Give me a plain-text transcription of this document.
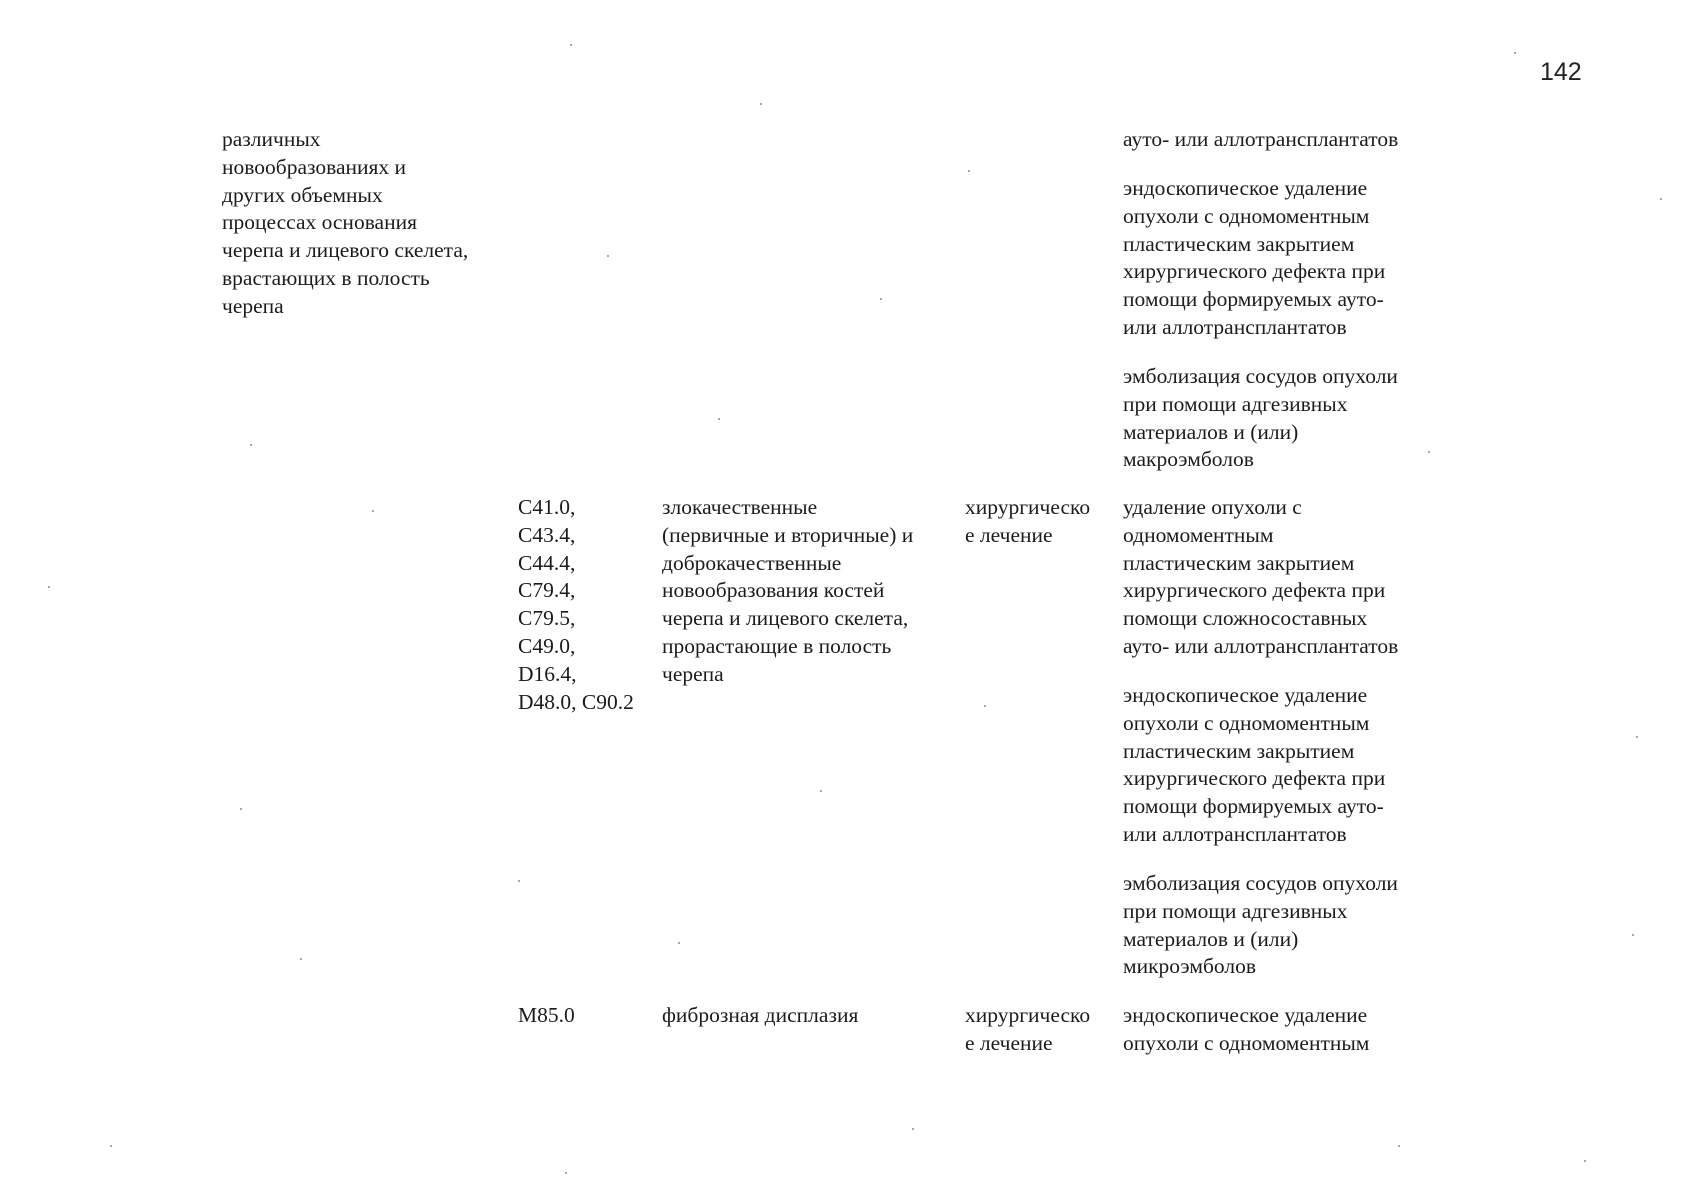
142
различных
новообразованиях и
других объемных
процессах основания
черепа и лицевого скелета,
врастающих в полость
черепа
ауто- или аллотрансплантатов
эндоскопическое удаление
опухоли с одномоментным
пластическим закрытием
хирургического дефекта при
помощи формируемых ауто-
или аллотрансплантатов
эмболизация сосудов опухоли
при помощи адгезивных
материалов и (или)
макроэмболов
C41.0,
C43.4,
C44.4,
C79.4,
C79.5,
C49.0,
D16.4,
D48.0, C90.2
злокачественные
(первичные и вторичные) и
доброкачественные
новообразования костей
черепа и лицевого скелета,
прорастающие в полость
черепа
хирургическо
е лечение
удаление опухоли с
одномоментным
пластическим закрытием
хирургического дефекта при
помощи сложносоставных
ауто- или аллотрансплантатов
эндоскопическое удаление
опухоли с одномоментным
пластическим закрытием
хирургического дефекта при
помощи формируемых ауто-
или аллотрансплантатов
эмболизация сосудов опухоли
при помощи адгезивных
материалов и (или)
микроэмболов
M85.0	фиброзная дисплазия	хирургическо
е лечение
эндоскопическое удаление
опухоли с одномоментным
